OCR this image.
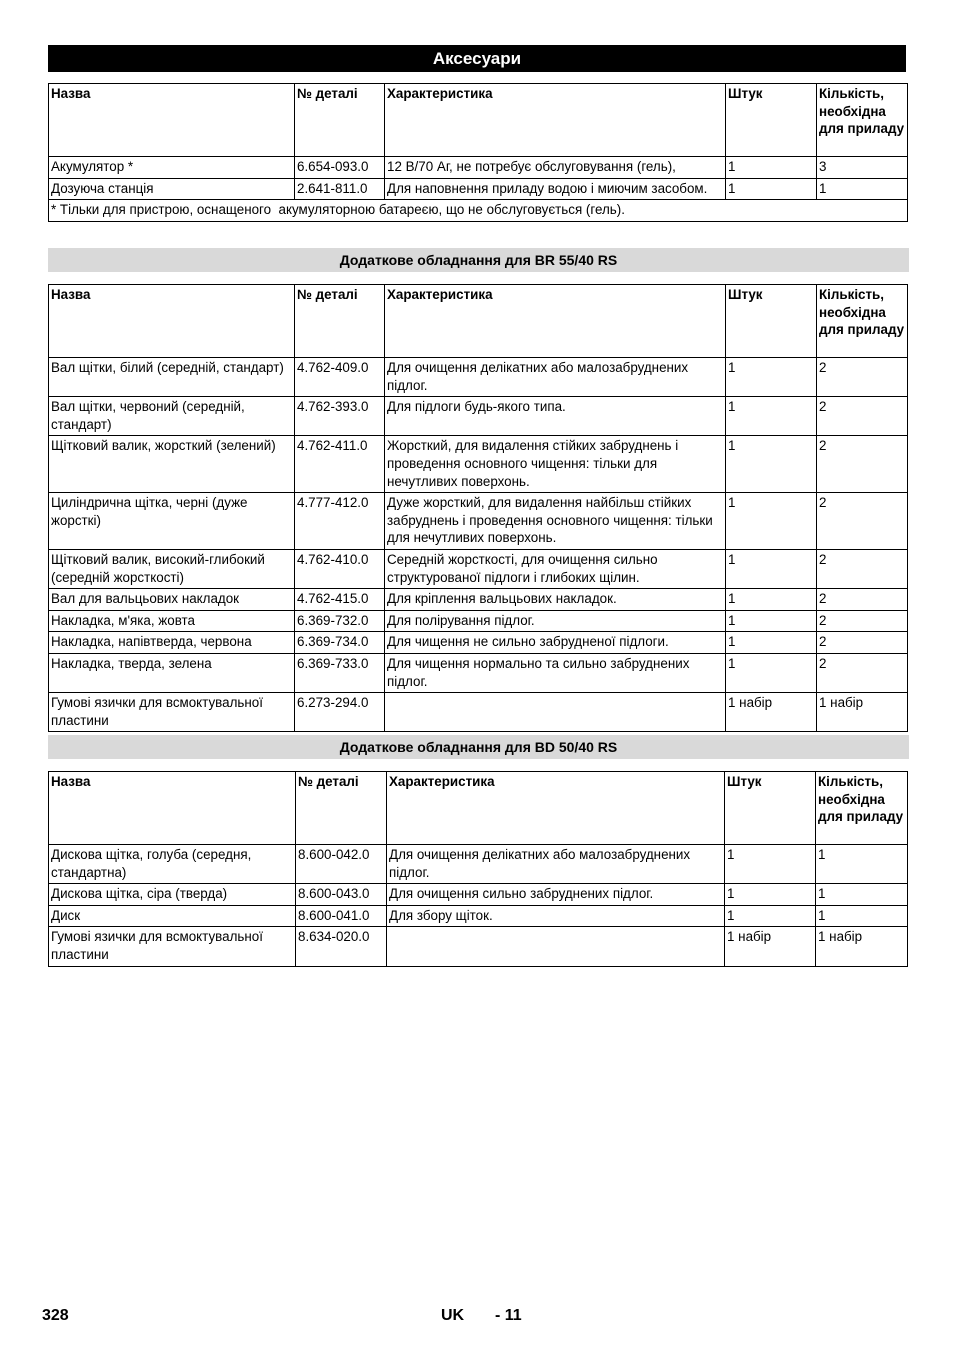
Аксесуари
Назва	№ деталі	Характеристика	Штук	Кількість, необхідна для приладу
Акумулятор *	6.654-093.0	12 В/70 Аг, не потребує обслуговування (гель),	1	3
Дозуюча станція	2.641-811.0	Для наповнення приладу водою і миючим засобом.	1	1
* Тільки для пристрою, оснащеного  акумуляторною батареєю, що не обслуговується (гель).				
Додаткове обладнання для BR 55/40 RS
Назва	№ деталі	Характеристика	Штук	Кількість, необхідна для приладу
Вал щітки, білий (середній, стандарт)	4.762-409.0	Для очищення делікатних або малозабруднених підлог.	1	2
Вал щітки, червоний (середній, стандарт)	4.762-393.0	Для підлоги будь-якого типа.	1	2
Щітковий валик, жорсткий (зелений)	4.762-411.0	Жорсткий, для видалення стійких забруднень і проведення основного чищення: тільки для нечутливих поверхонь.	1	2
Циліндрична щітка, черні (дуже жорсткі)	4.777-412.0	Дуже жорсткий, для видалення найбільш стійких забруднень і проведення основного чищення: тільки для нечутливих поверхонь.	1	2
Щітковий валик, високий-глибокий (середній жорсткості)	4.762-410.0	Середній жорсткості, для очищення сильно структурованої підлоги і глибоких щілин.	1	2
Вал для вальцьових накладок	4.762-415.0	Для кріплення вальцьових накладок.	1	2
Накладка, м'яка, жовта	6.369-732.0	Для полірування підлог.	1	2
Накладка, напівтверда, червона	6.369-734.0	Для чищення не сильно забрудненої підлоги.	1	2
Накладка, тверда, зелена	6.369-733.0	Для чищення нормально та сильно забруднених підлог.	1	2
Гумові язички для всмоктувальної пластини	6.273-294.0		1 набір	1 набір
Додаткове обладнання для BD 50/40 RS
Назва	№ деталі	Характеристика	Штук	Кількість, необхідна для приладу
Дискова щітка, голуба (середня, стандартна)	8.600-042.0	Для очищення делікатних або малозабруднених підлог.	1	1
Дискова щітка, сіра (тверда)	8.600-043.0	Для очищення сильно забруднених підлог.	1	1
Диск	8.600-041.0	Для збору щіток.	1	1
Гумові язички для всмоктувальної пластини	8.634-020.0		1 набір	1 набір
328	UK - 11
